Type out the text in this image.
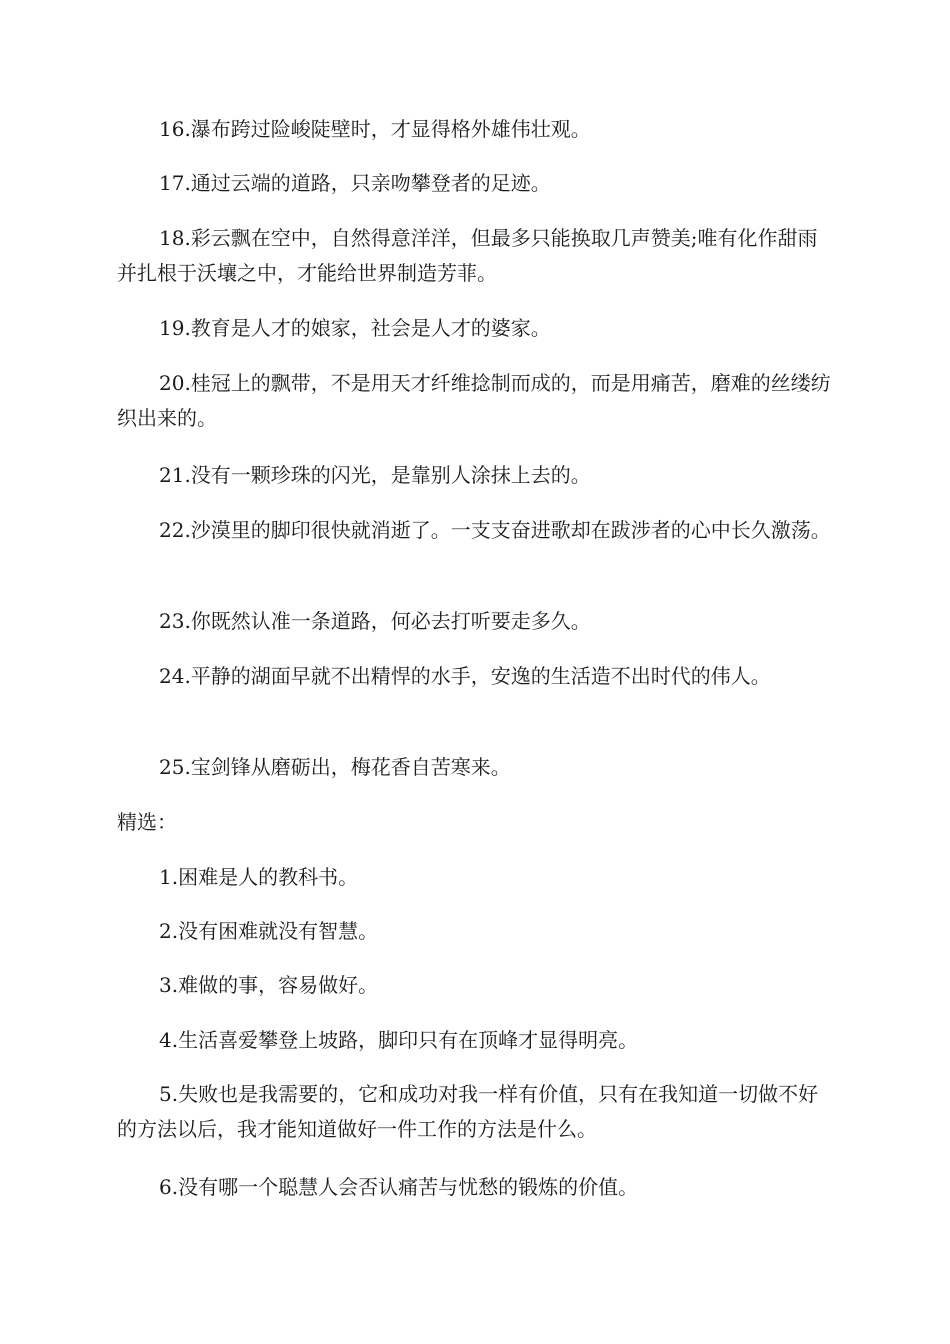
16.瀑布跨过险峻陡壁时，才显得格外雄伟壮观。

17.通过云端的道路，只亲吻攀登者的足迹。

18.彩云飘在空中，自然得意洋洋，但最多只能换取几声赞美;唯有化作甜雨并扎根于沃壤之中，才能给世界制造芳菲。

19.教育是人才的娘家，社会是人才的婆家。

20.桂冠上的飘带，不是用天才纤维捻制而成的，而是用痛苦，磨难的丝缕纺织出来的。

21.没有一颗珍珠的闪光，是靠别人涂抹上去的。

22.沙漠里的脚印很快就消逝了。一支支奋进歌却在跋涉者的心中长久激荡。

23.你既然认准一条道路，何必去打听要走多久。

24.平静的湖面早就不出精悍的水手，安逸的生活造不出时代的伟人。

25.宝剑锋从磨砺出，梅花香自苦寒来。

精选：

1.困难是人的教科书。

2.没有困难就没有智慧。

3.难做的事，容易做好。

4.生活喜爱攀登上坡路，脚印只有在顶峰才显得明亮。

5.失败也是我需要的，它和成功对我一样有价值，只有在我知道一切做不好的方法以后，我才能知道做好一件工作的方法是什么。

6.没有哪一个聪慧人会否认痛苦与忧愁的锻炼的价值。
